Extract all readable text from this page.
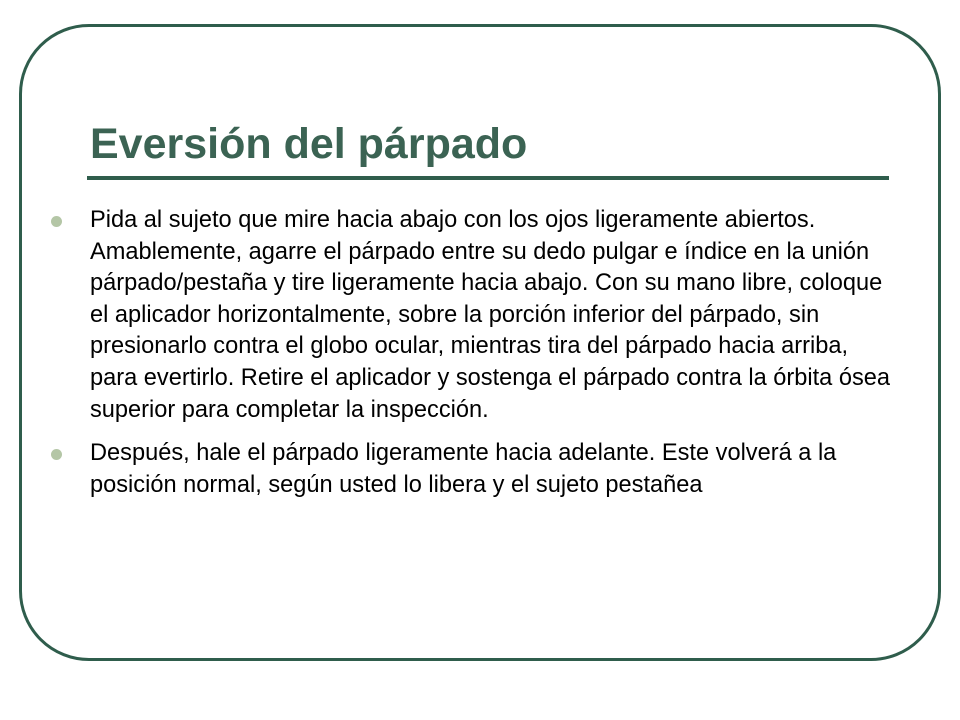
Eversión del párpado
Pida al sujeto que mire hacia abajo con los ojos ligeramente abiertos. Amablemente, agarre el párpado entre su dedo pulgar e índice en la unión párpado/pestaña y tire ligeramente hacia abajo. Con su mano libre, coloque el aplicador horizontalmente, sobre la porción inferior del párpado, sin presionarlo contra el globo ocular, mientras tira del párpado hacia arriba, para evertirlo. Retire el aplicador y sostenga el párpado contra la órbita ósea superior para completar la inspección.
Después, hale el párpado ligeramente hacia adelante. Este volverá a la posición normal, según usted lo libera y el sujeto pestañea
